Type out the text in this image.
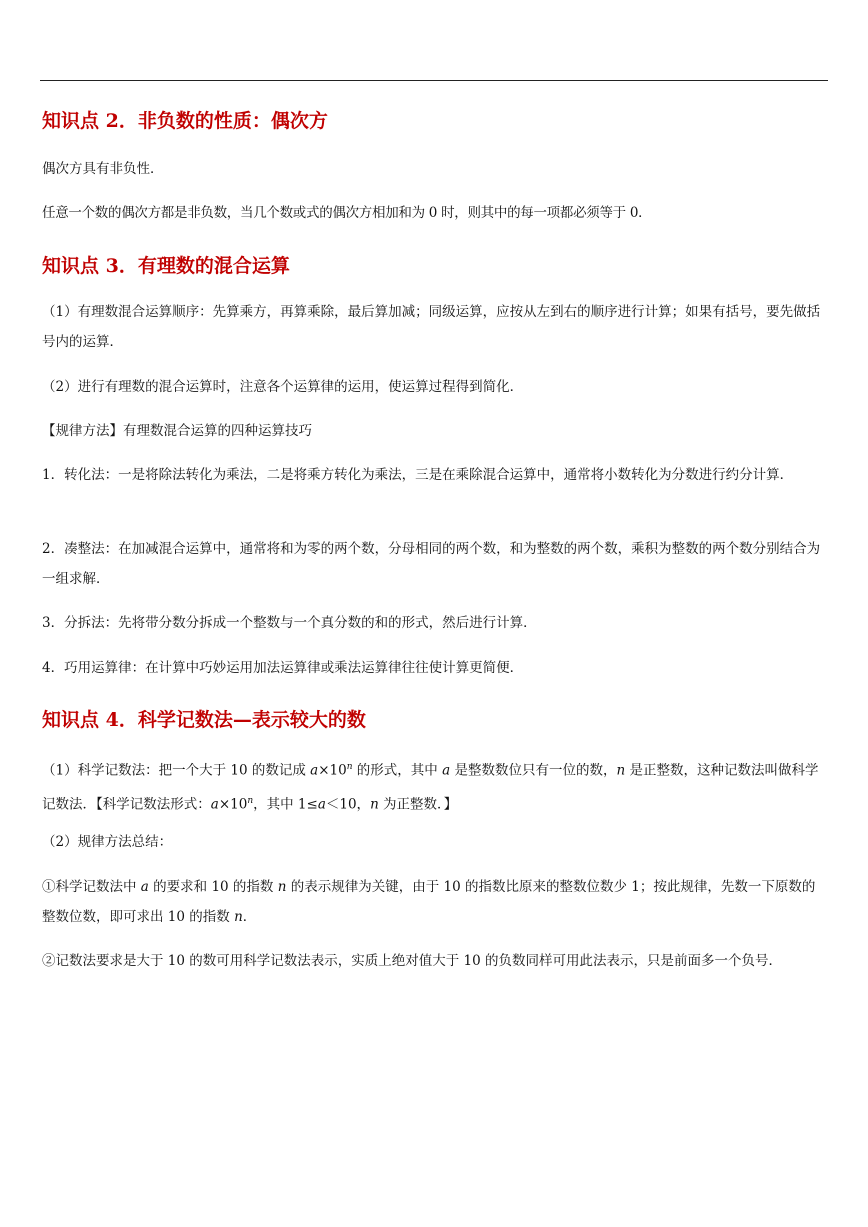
知识点 2．非负数的性质：偶次方

偶次方具有非负性．

任意一个数的偶次方都是非负数，当几个数或式的偶次方相加和为 0 时，则其中的每一项都必须等于 0．

知识点 3．有理数的混合运算

（1）有理数混合运算顺序：先算乘方，再算乘除，最后算加减；同级运算，应按从左到右的顺序进行计算；如果有括号，要先做括号内的运算．

（2）进行有理数的混合运算时，注意各个运算律的运用，使运算过程得到简化．

【规律方法】有理数混合运算的四种运算技巧

1．转化法：一是将除法转化为乘法，二是将乘方转化为乘法，三是在乘除混合运算中，通常将小数转化为分数进行约分计算．

2．凑整法：在加减混合运算中，通常将和为零的两个数，分母相同的两个数，和为整数的两个数，乘积为整数的两个数分别结合为一组求解．

3．分拆法：先将带分数分拆成一个整数与一个真分数的和的形式，然后进行计算．

4．巧用运算律：在计算中巧妙运用加法运算律或乘法运算律往往使计算更简便．

知识点 4．科学记数法—表示较大的数

（1）科学记数法：把一个大于 10 的数记成 $a\times 10^n$ 的形式，其中 a 是整数数位只有一位的数，n 是正整数，这种记数法叫做科学记数法．【科学记数法形式：$a\times 10^n$，其中 1≤a＜10，n 为正整数．】

（2）规律方法总结：

①科学记数法中 a 的要求和 10 的指数 n 的表示规律为关键，由于 10 的指数比原来的整数位数少 1；按此规律，先数一下原数的整数位数，即可求出 10 的指数 n．

②记数法要求是大于 10 的数可用科学记数法表示，实质上绝对值大于 10 的负数同样可用此法表示，只是前面多一个负号．
